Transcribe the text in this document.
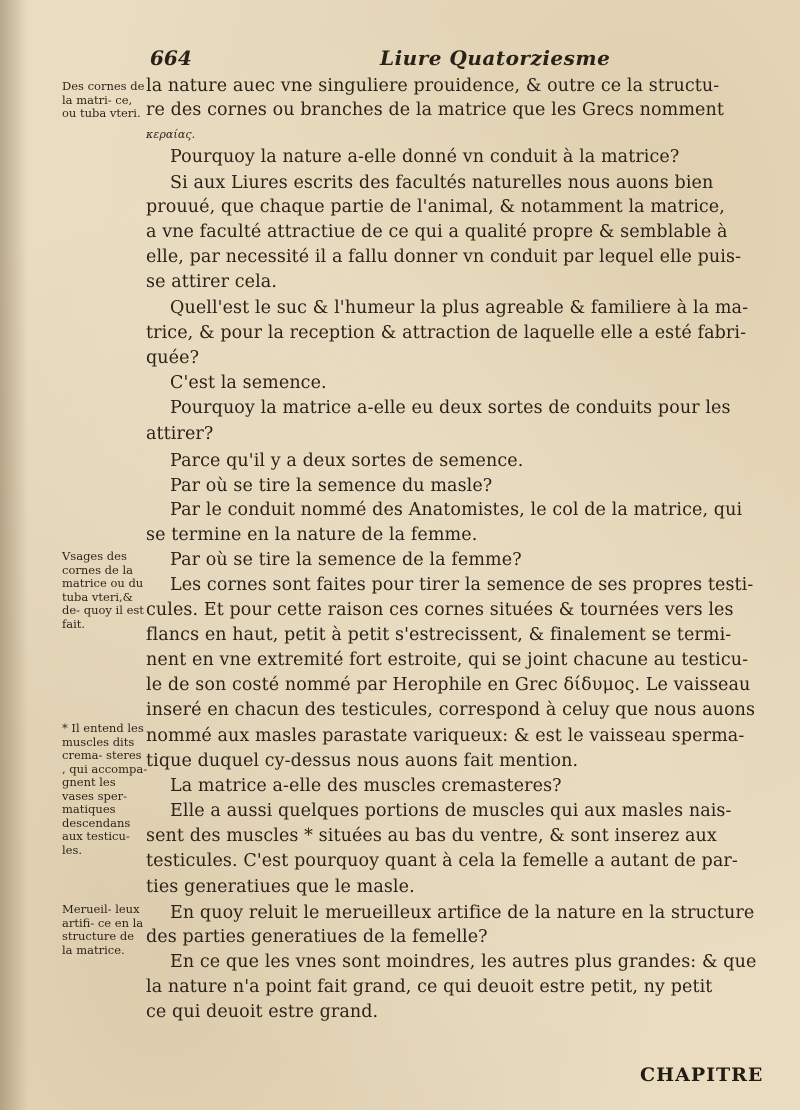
664	Liure Quatorziesme
Des cornes de la matri- ce, ou tuba vteri.
Vsages des cornes de la matrice ou du tuba vteri,& de- quoy il est fait.
* Il entend les muscles dits crema- steres , qui accompa- gnent les vases sper- matiques descendans aux testicu- les.
Merueil- leux artifi- ce en la structure de la matrice.
la nature auec vne singuliere prouidence, & outre ce la structu-
re des cornes ou branches de la matrice que les Grecs nomment
κεραίας.
Pourquoy la nature a-elle donné vn conduit à la matrice?
Si aux Liures escrits des facultés naturelles nous auons bien
prouué, que chaque partie de l'animal, & notamment la matrice,
a vne faculté attractiue de ce qui a qualité propre & semblable à
elle, par necessité il a fallu donner vn conduit par lequel elle puis-
se attirer cela.
Quell'est le suc & l'humeur la plus agreable & familiere à la ma-
trice, & pour la reception & attraction de laquelle elle a esté fabri-
quée?
C'est la semence.
Pourquoy la matrice a-elle eu deux sortes de conduits pour les
attirer?
Parce qu'il y a deux sortes de semence.
Par où se tire la semence du masle?
Par le conduit nommé des Anatomistes, le col de la matrice, qui
se termine en la nature de la femme.
Par où se tire la semence de la femme?
Les cornes sont faites pour tirer la semence de ses propres testi-
cules. Et pour cette raison ces cornes situées & tournées vers les
flancs en haut, petit à petit s'estrecissent, & finalement se termi-
nent en vne extremité fort estroite, qui se joint chacune au testicu-
le de son costé nommé par Herophile en Grec δίδυμος. Le vaisseau
inseré en chacun des testicules, correspond à celuy que nous auons
nommé aux masles parastate variqueux: & est le vaisseau sperma-
tique duquel cy-dessus nous auons fait mention.
La matrice a-elle des muscles cremasteres?
Elle a aussi quelques portions de muscles qui aux masles nais-
sent des muscles * situées au bas du ventre, & sont inserez aux
testicules. C'est pourquoy quant à cela la femelle a autant de par-
ties generatiues que le masle.
En quoy reluit le merueilleux artifice de la nature en la structure
des parties generatiues de la femelle?
En ce que les vnes sont moindres, les autres plus grandes: & que
la nature n'a point fait grand, ce qui deuoit estre petit, ny petit
ce qui deuoit estre grand.
CHAPITRE
